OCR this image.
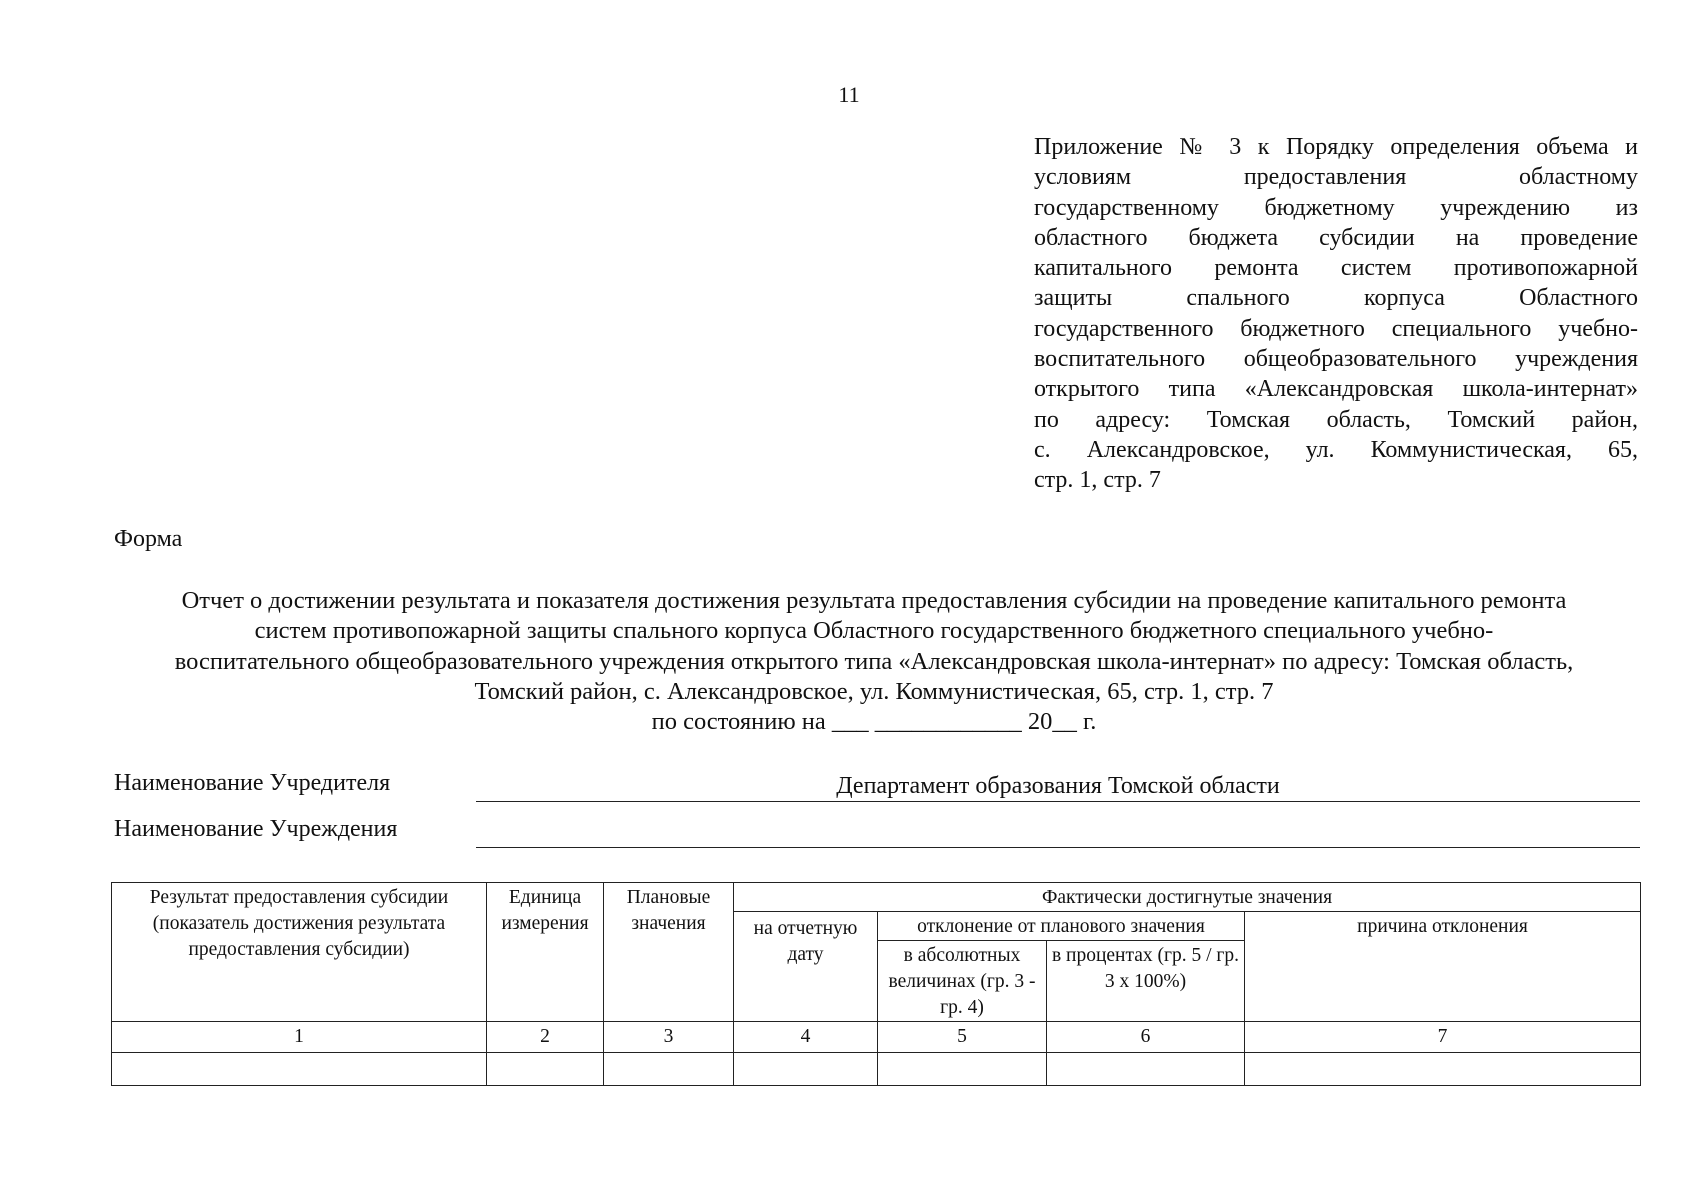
11
Приложение № 3 к Порядку определения объема и
условиям предоставления областному
государственному бюджетному учреждению из
областного бюджета субсидии на проведение
капитального ремонта систем противопожарной
защиты спального корпуса Областного
государственного бюджетного специального учебно-
воспитательного общеобразовательного учреждения
открытого типа «Александровская школа-интернат»
по адресу: Томская область, Томский район,
с. Александровское, ул. Коммунистическая, 65,
стр. 1, стр. 7
Форма
Отчет о достижении результата и показателя достижения результата предоставления субсидии на проведение капитального ремонта
систем противопожарной защиты спального корпуса Областного государственного бюджетного специального учебно-
воспитательного общеобразовательного учреждения открытого типа «Александровская школа-интернат» по адресу: Томская область,
Томский район, с. Александровское, ул. Коммунистическая, 65, стр. 1, стр. 7
по состоянию на ___ ____________ 20__ г.
Наименование Учредителя	Департамент образования Томской области
Наименование Учреждения
Результат предоставления субсидии (показатель достижения результата предоставления субсидии)	Единица измерения	Плановые значения	Фактически достигнутые значения			
			на отчетную дату	отклонение от планового значения		причина отклонения
				в абсолютных величинах (гр. 3 - гр. 4)	в процентах (гр. 5 / гр. 3 х 100%)	
1	2	3	4	5	6	7
